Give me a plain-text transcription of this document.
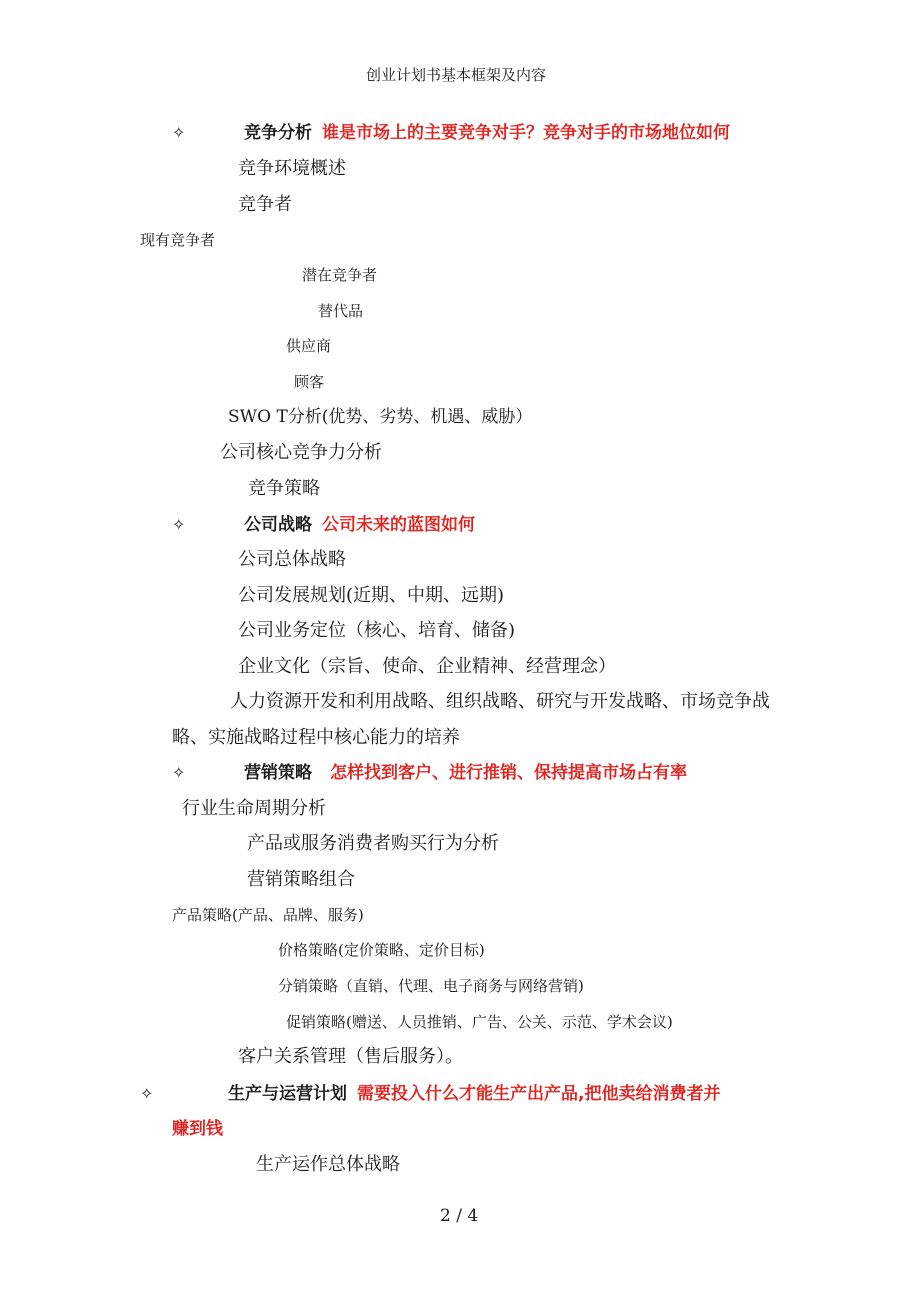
创业计划书基本框架及内容
✧	竞争分析 谁是市场上的主要竞争对手？竞争对手的市场地位如何
竞争环境概述
竞争者
现有竞争者
潜在竞争者
替代品
供应商
顾客
SWO T分析(优势、劣势、机遇、威胁）
公司核心竞争力分析
竞争策略
✧	公司战略 公司未来的蓝图如何
公司总体战略
公司发展规划(近期、中期、远期)
公司业务定位（核心、培育、储备)
企业文化（宗旨、使命、企业精神、经营理念）
人力资源开发和利用战略、组织战略、研究与开发战略、市场竞争战
略、实施战略过程中核心能力的培养
✧	营销策略 怎样找到客户、进行推销、保持提高市场占有率
行业生命周期分析
产品或服务消费者购买行为分析
营销策略组合
产品策略(产品、品牌、服务)
价格策略(定价策略、定价目标)
分销策略（直销、代理、电子商务与网络营销)
促销策略(赠送、人员推销、广告、公关、示范、学术会议)
客户关系管理（售后服务）。
✧	生产与运营计划 需要投入什么才能生产出产品,把他卖给消费者并
赚到钱
生产运作总体战略
2 / 4
